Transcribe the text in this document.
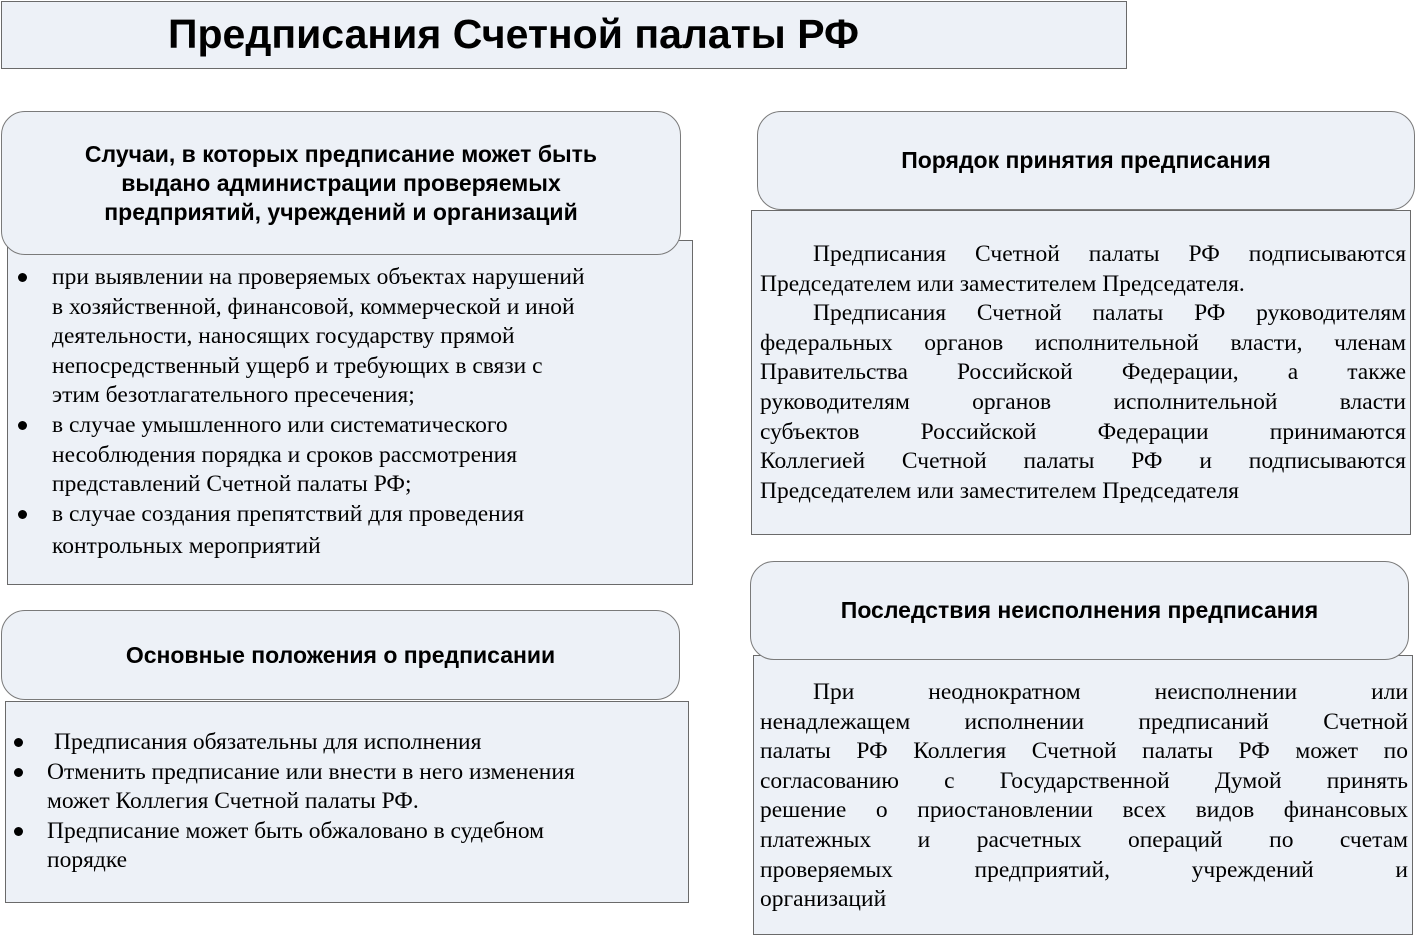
Предписания Счетной палаты РФ
Случаи, в которых предписание может быть
выдано администрации проверяемых
предприятий, учреждений и организаций
при выявлении на проверяемых объектах нарушений
в хозяйственной, финансовой, коммерческой и иной
деятельности, наносящих государству прямой
непосредственный ущерб и требующих в связи с
этим безотлагательного пресечения;
в случае умышленного или систематического
несоблюдения порядка и сроков рассмотрения
представлений Счетной палаты РФ;
в случае создания препятствий для проведения
контрольных мероприятий
Основные положения о предписании
Предписания обязательны для исполнения
Отменить предписание или внести в него изменения
может Коллегия Счетной палаты РФ.
Предписание может быть обжаловано в судебном
порядке
Порядок принятия предписания
Предписания Счетной палаты РФ подписываются
Председателем или заместителем Председателя.
Предписания Счетной палаты РФ руководителям
федеральных органов исполнительной власти, членам
Правительства Российской Федерации, а также
руководителям органов исполнительной власти
субъектов Российской Федерации принимаются
Коллегией Счетной палаты РФ и подписываются
Председателем или заместителем Председателя
Последствия неисполнения предписания
При неоднократном неисполнении или
ненадлежащем исполнении предписаний Счетной
палаты РФ Коллегия Счетной палаты РФ может по
согласованию с Государственной Думой принять
решение о приостановлении всех видов финансовых
платежных и расчетных операций по счетам
проверяемых предприятий, учреждений и
организаций
